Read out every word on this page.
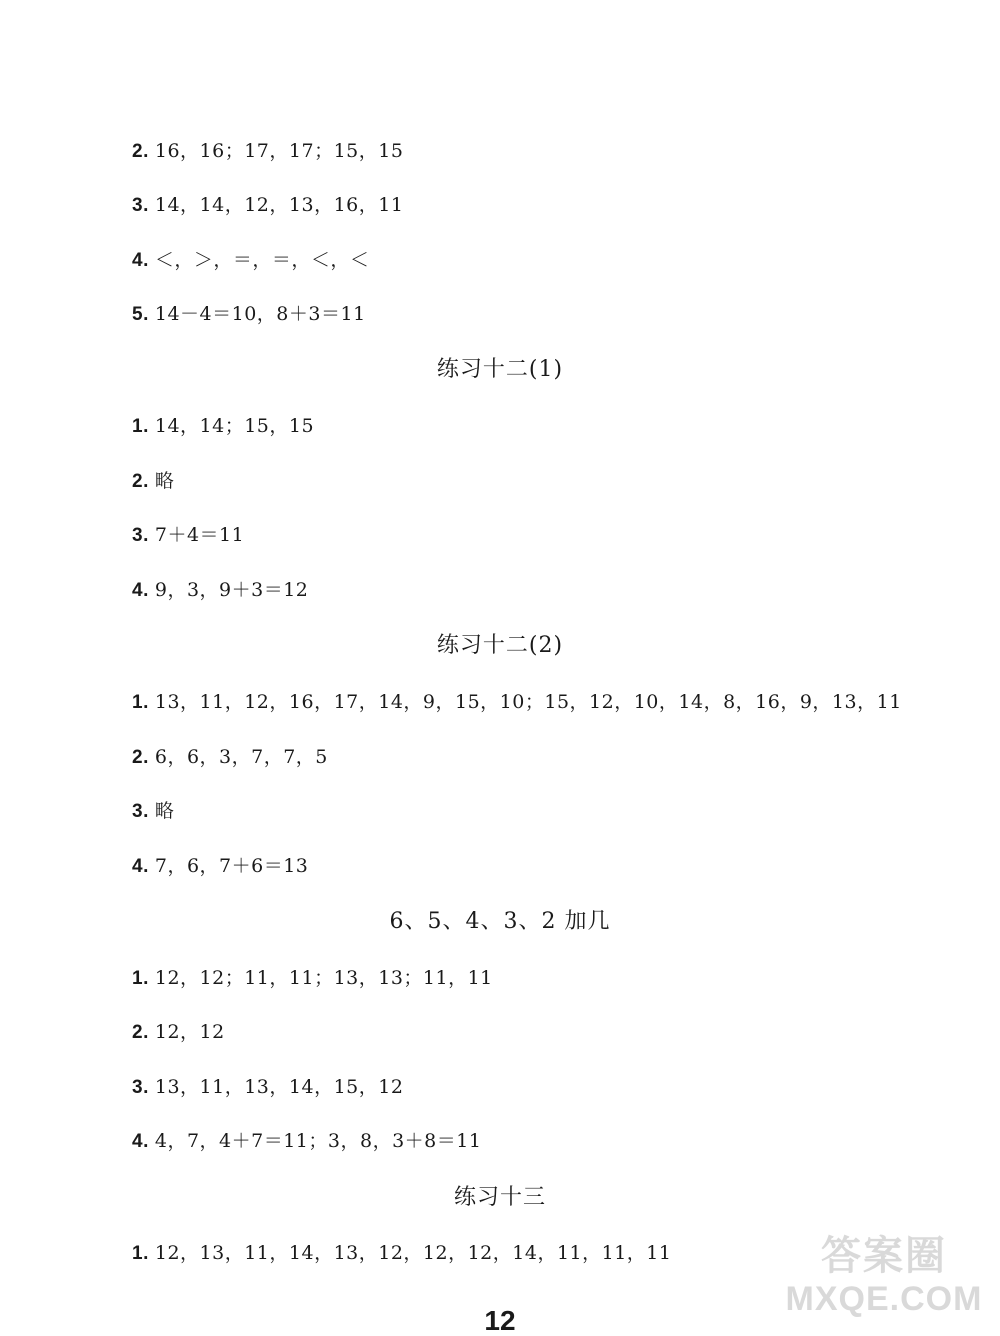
2. 16，16；17，17；15，15
3. 14，14，12，13，16，11
4. ＜，＞，＝，＝，＜，＜
5. 14－4＝10，8＋3＝11
练习十二(1)
1. 14，14；15，15
2. 略
3. 7＋4＝11
4. 9，3，9＋3＝12
练习十二(2)
1. 13，11，12，16，17，14，9，15，10；15，12，10，14，8，16，9，13，11
2. 6，6，3，7，7，5
3. 略
4. 7，6，7＋6＝13
6、5、4、3、2 加几
1. 12，12；11，11；13，13；11，11
2. 12，12
3. 13，11，13，14，15，12
4. 4，7，4＋7＝11；3，8，3＋8＝11
练习十三
1. 12，13，11，14，13，12，12，12，14，11，11，11	答案圈
MXQE.COM
12
